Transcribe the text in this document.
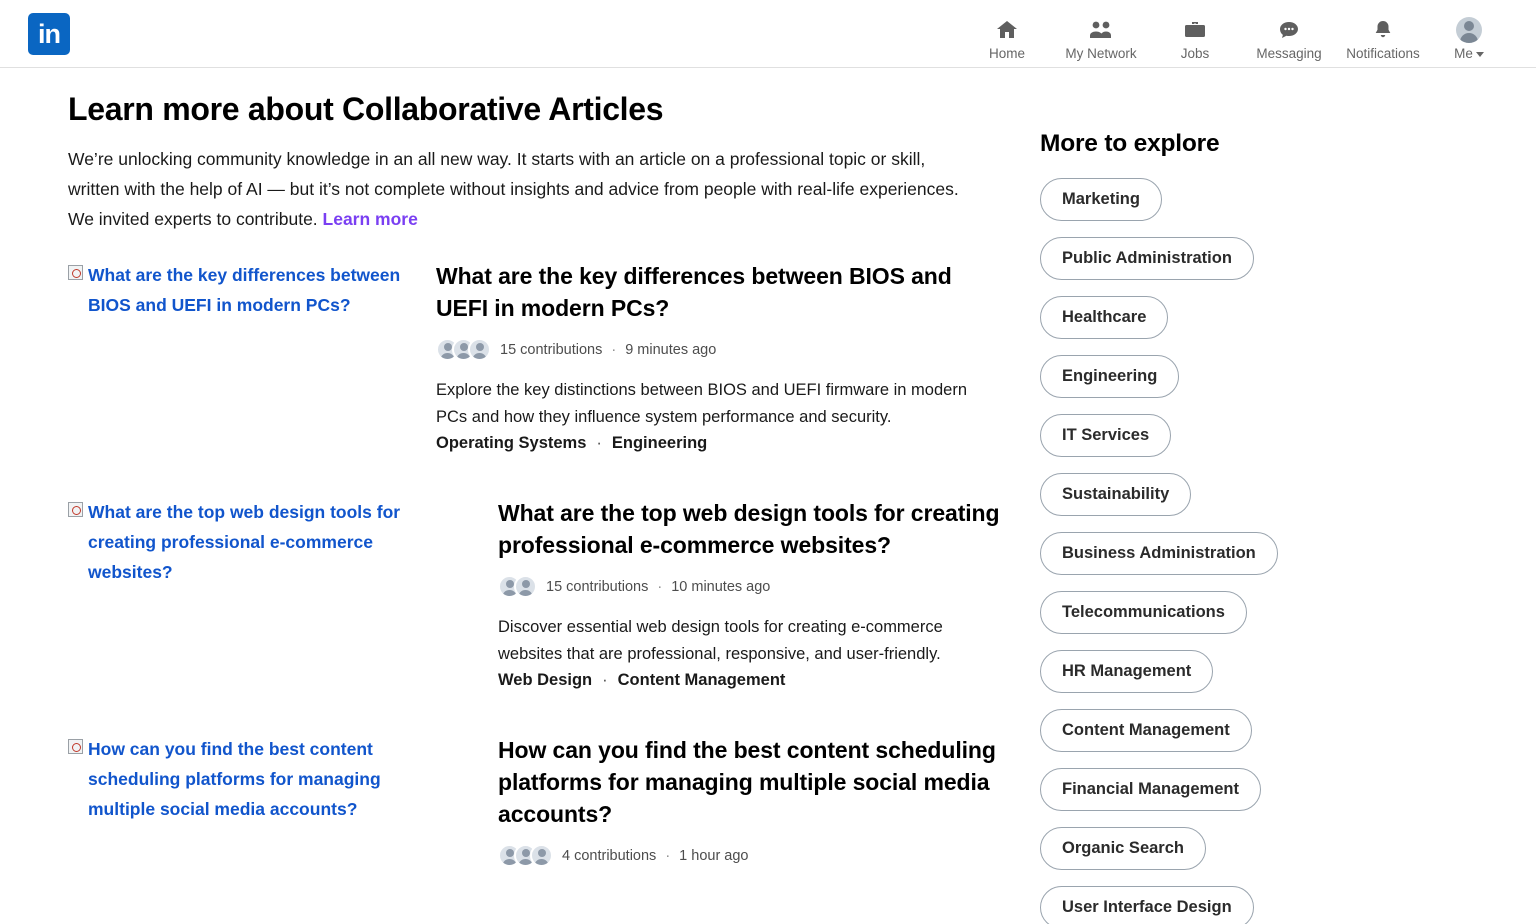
in
Home	My Network	Jobs	Messaging Notifications	Me
Learn more about Collaborative Articles

We’re unlocking community knowledge in an all new way. It starts with an article on a professional topic or skill, written with the help of AI — but it’s not complete without insights and advice from people with real-life experiences. We invited experts to contribute. Learn more

What are the key differences between BIOS and UEFI in modern PCs?
What are the key differences between BIOS and UEFI in modern PCs?
15 contributions · 9 minutes ago

Explore the key distinctions between BIOS and UEFI firmware in modern PCs and how they influence system performance and security.

Operating Systems · Engineering
What are the top web design tools for creating professional e-commerce websites?
What are the top web design tools for creating professional e-commerce websites?
15 contributions · 10 minutes ago

Discover essential web design tools for creating e-commerce websites that are professional, responsive, and user-friendly.

Web Design · Content Management
How can you find the best content scheduling platforms for managing multiple social media accounts?
How can you find the best content scheduling platforms for managing multiple social media accounts?
4 contributions · 1 hour ago
More to explore
Marketing
Public Administration
Healthcare
Engineering
IT Services
Sustainability
Business Administration
Telecommunications
HR Management
Content Management
Financial Management
Organic Search
User Interface Design
